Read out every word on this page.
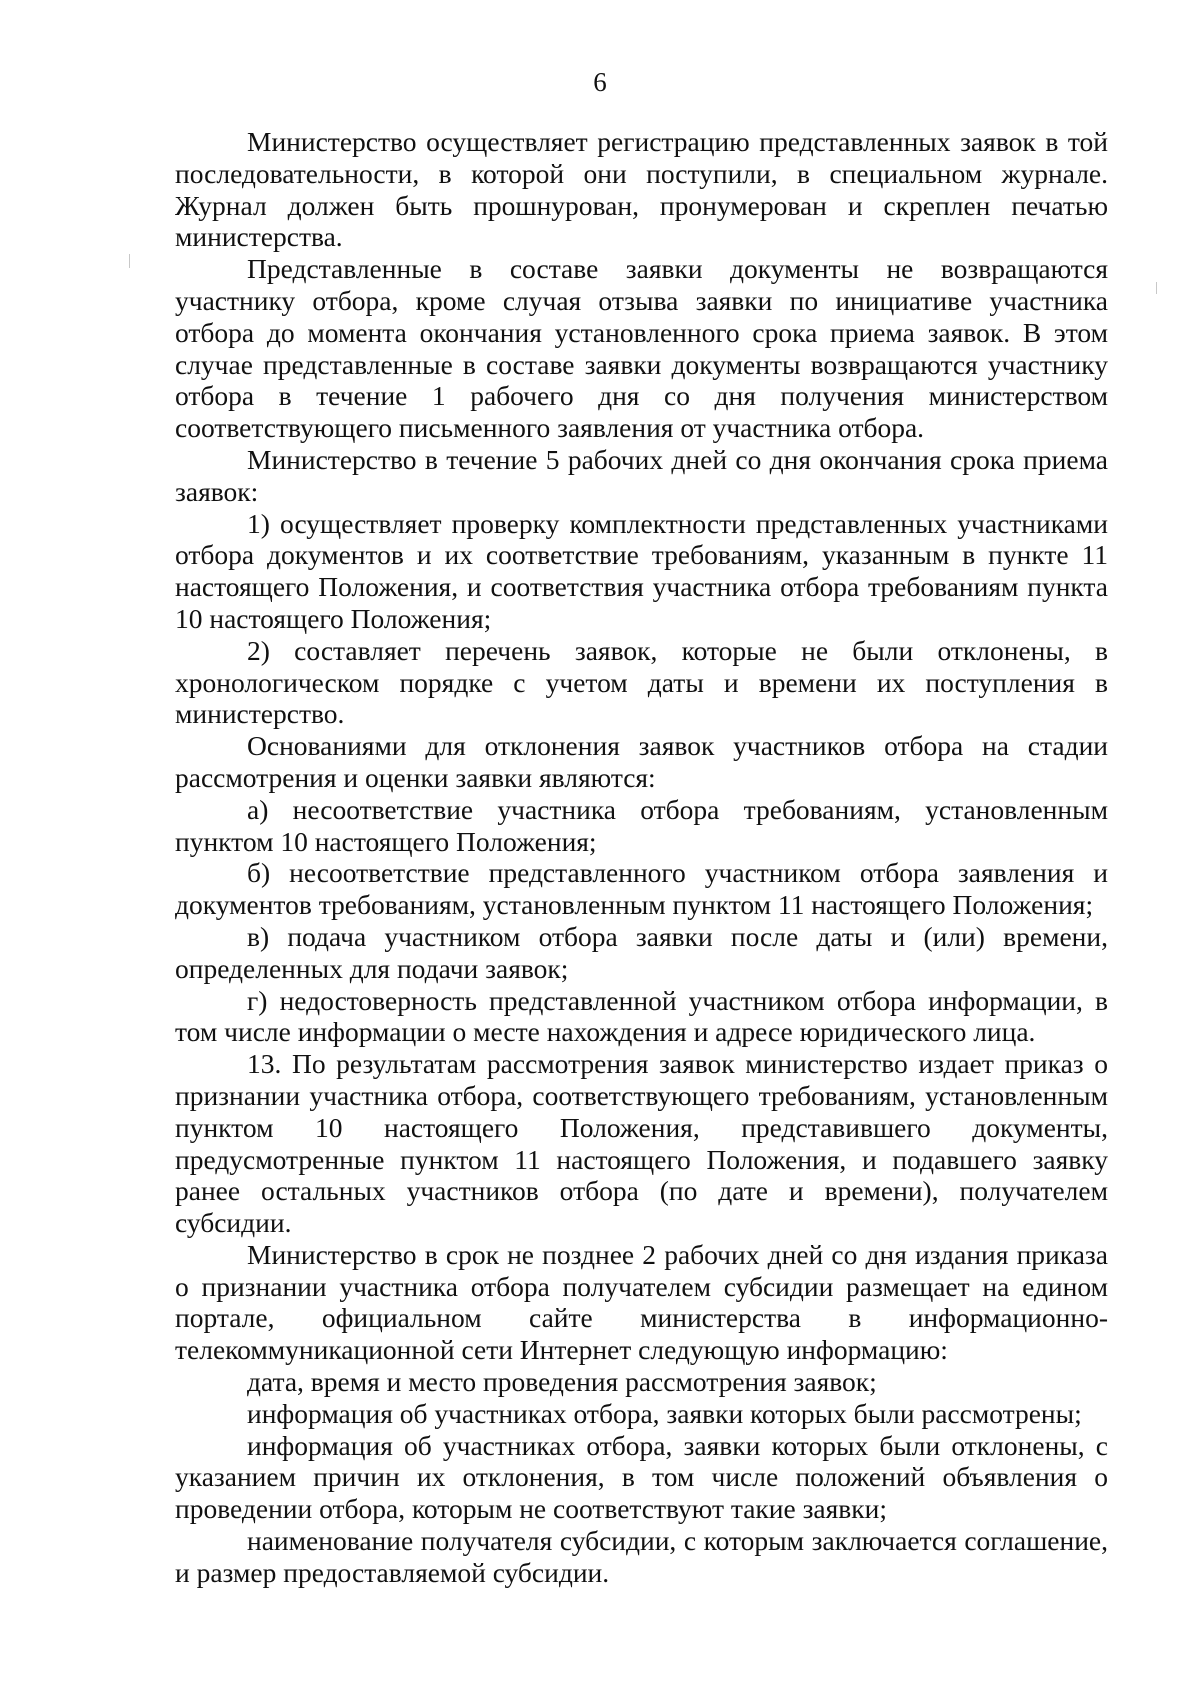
6

Министерство осуществляет регистрацию представленных заявок в той последовательности, в которой они поступили, в специальном журнале. Журнал должен быть прошнурован, пронумерован и скреплен печатью министерства.

Представленные в составе заявки документы не возвращаются участнику отбора, кроме случая отзыва заявки по инициативе участника отбора до момента окончания установленного срока приема заявок. В этом случае представленные в составе заявки документы возвращаются участнику отбора в течение 1 рабочего дня со дня получения министерством соответствующего письменного заявления от участника отбора.

Министерство в течение 5 рабочих дней со дня окончания срока приема заявок:

1) осуществляет проверку комплектности представленных участниками отбора документов и их соответствие требованиям, указанным в пункте 11 настоящего Положения, и соответствия участника отбора требованиям пункта 10 настоящего Положения;

2) составляет перечень заявок, которые не были отклонены, в хронологическом порядке с учетом даты и времени их поступления в министерство.

Основаниями для отклонения заявок участников отбора на стадии рассмотрения и оценки заявки являются:

а) несоответствие участника отбора требованиям, установленным пунктом 10 настоящего Положения;

б) несоответствие представленного участником отбора заявления и документов требованиям, установленным пунктом 11 настоящего Положения;

в) подача участником отбора заявки после даты и (или) времени, определенных для подачи заявок;

г) недостоверность представленной участником отбора информации, в том числе информации о месте нахождения и адресе юридического лица.

13. По результатам рассмотрения заявок министерство издает приказ о признании участника отбора, соответствующего требованиям, установленным пунктом 10 настоящего Положения, представившего документы, предусмотренные пунктом 11 настоящего Положения, и подавшего заявку ранее остальных участников отбора (по дате и времени), получателем субсидии.

Министерство в срок не позднее 2 рабочих дней со дня издания приказа о признании участника отбора получателем субсидии размещает на едином портале, официальном сайте министерства в информационно-телекоммуникационной сети Интернет следующую информацию:

дата, время и место проведения рассмотрения заявок;

информация об участниках отбора, заявки которых были рассмотрены;

информация об участниках отбора, заявки которых были отклонены, с указанием причин их отклонения, в том числе положений объявления о проведении отбора, которым не соответствуют такие заявки;

наименование получателя субсидии, с которым заключается соглашение, и размер предоставляемой субсидии.
